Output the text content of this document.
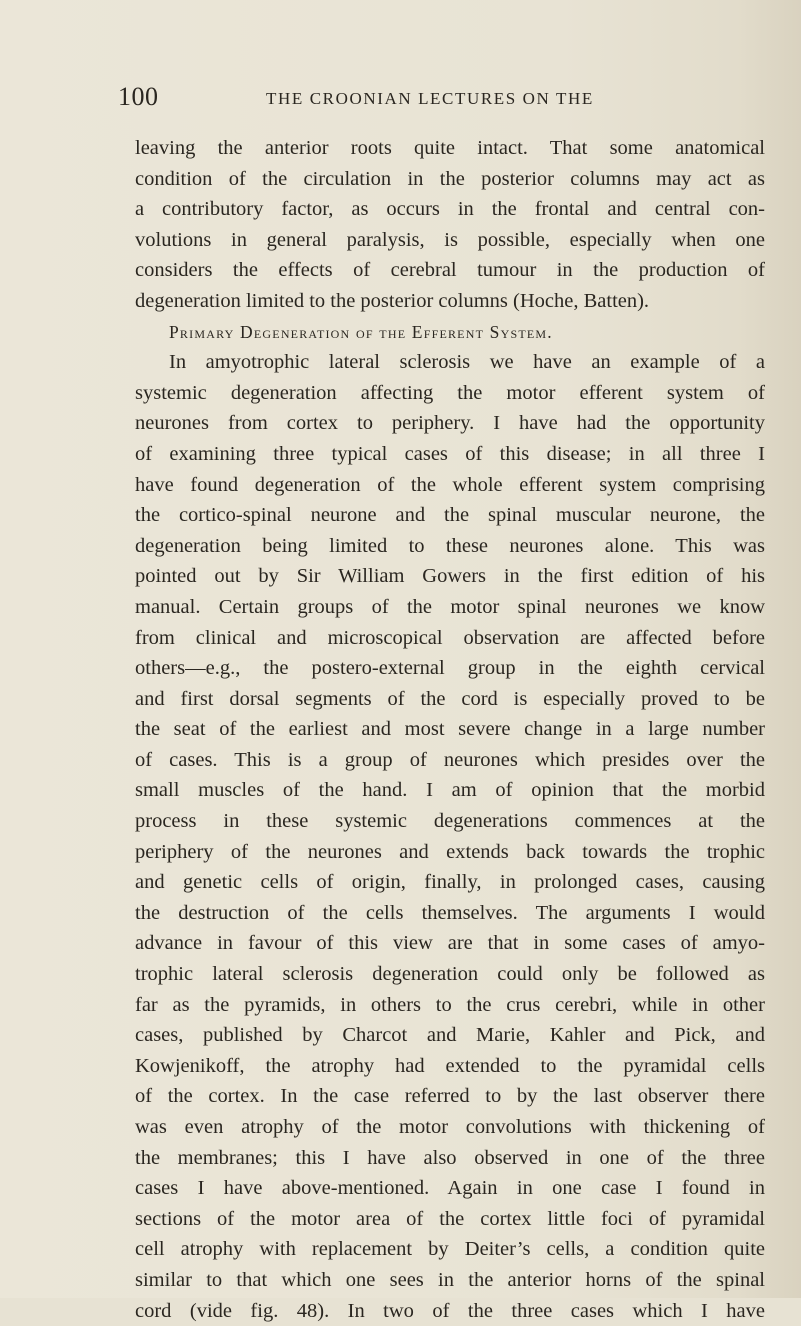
100	THE CROONIAN LECTURES ON THE
leaving the anterior roots quite intact. That some anatomical
condition of the circulation in the posterior columns may act as
a contributory factor, as occurs in the frontal and central con-
volutions in general paralysis, is possible, especially when one
considers the effects of cerebral tumour in the production of
degeneration limited to the posterior columns (Hoche, Batten).
Primary Degeneration of the Efferent System.
In amyotrophic lateral sclerosis we have an example of a
systemic degeneration affecting the motor efferent system of
neurones from cortex to periphery. I have had the opportunity
of examining three typical cases of this disease; in all three I
have found degeneration of the whole efferent system comprising
the cortico-spinal neurone and the spinal muscular neurone, the
degeneration being limited to these neurones alone. This was
pointed out by Sir William Gowers in the first edition of his
manual. Certain groups of the motor spinal neurones we know
from clinical and microscopical observation are affected before
others—e.g., the postero-external group in the eighth cervical
and first dorsal segments of the cord is especially proved to be
the seat of the earliest and most severe change in a large number
of cases. This is a group of neurones which presides over the
small muscles of the hand. I am of opinion that the morbid
process in these systemic degenerations commences at the
periphery of the neurones and extends back towards the trophic
and genetic cells of origin, finally, in prolonged cases, causing
the destruction of the cells themselves. The arguments I would
advance in favour of this view are that in some cases of amyo-
trophic lateral sclerosis degeneration could only be followed as
far as the pyramids, in others to the crus cerebri, while in other
cases, published by Charcot and Marie, Kahler and Pick, and
Kowjenikoff, the atrophy had extended to the pyramidal cells
of the cortex. In the case referred to by the last observer there
was even atrophy of the motor convolutions with thickening of
the membranes; this I have also observed in one of the three
cases I have above-mentioned. Again in one case I found in
sections of the motor area of the cortex little foci of pyramidal
cell atrophy with replacement by Deiter’s cells, a condition quite
similar to that which one sees in the anterior horns of the spinal
cord (vide fig. 48). In two of the three cases which I have
